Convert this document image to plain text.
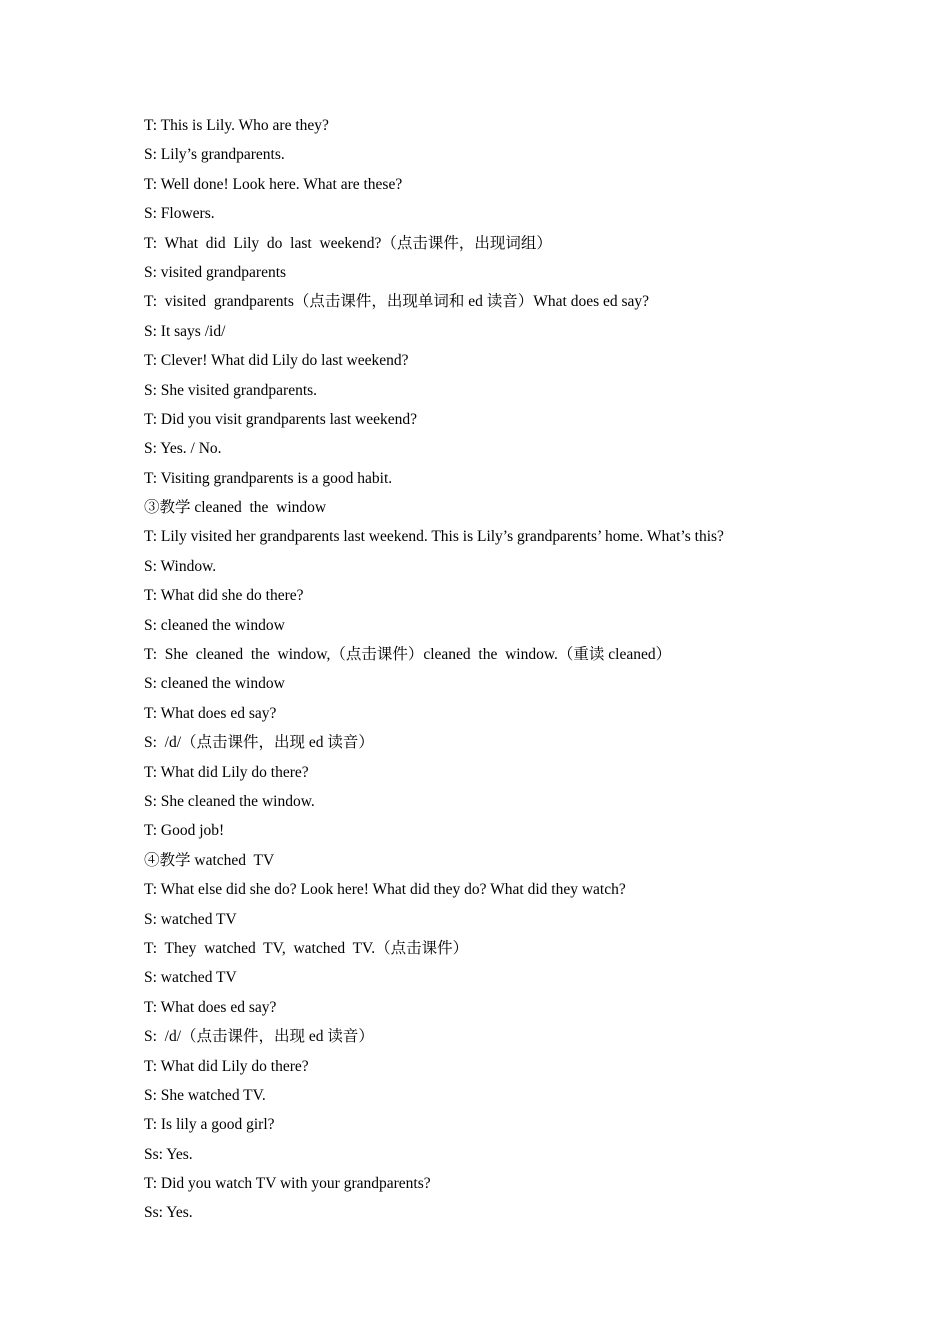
T: This is Lily. Who are they?
S: Lily’s grandparents.
T: Well done! Look here. What are these?
S: Flowers.
T:  What  did  Lily  do  last  weekend?（点击课件，出现词组）
S: visited grandparents
T:  visited  grandparents（点击课件，出现单词和 ed 读音）What does ed say?
S: It says /id/
T: Clever! What did Lily do last weekend?
S: She visited grandparents.
T: Did you visit grandparents last weekend?
S: Yes. / No.
T: Visiting grandparents is a good habit.
③教学 cleaned  the  window
T: Lily visited her grandparents last weekend. This is Lily’s grandparents’ home. What’s this?
S: Window.
T: What did she do there?
S: cleaned the window
T:  She  cleaned  the  window,（点击课件）cleaned  the  window.（重读 cleaned）
S: cleaned the window
T: What does ed say?
S:  /d/（点击课件，出现 ed 读音）
T: What did Lily do there?
S: She cleaned the window.
T: Good job!
④教学 watched  TV
T: What else did she do? Look here! What did they do? What did they watch?
S: watched TV
T:  They  watched  TV,  watched  TV.（点击课件）
S: watched TV
T: What does ed say?
S:  /d/（点击课件，出现 ed 读音）
T: What did Lily do there?
S: She watched TV.
T: Is lily a good girl?
Ss: Yes.
T: Did you watch TV with your grandparents?
Ss: Yes.
